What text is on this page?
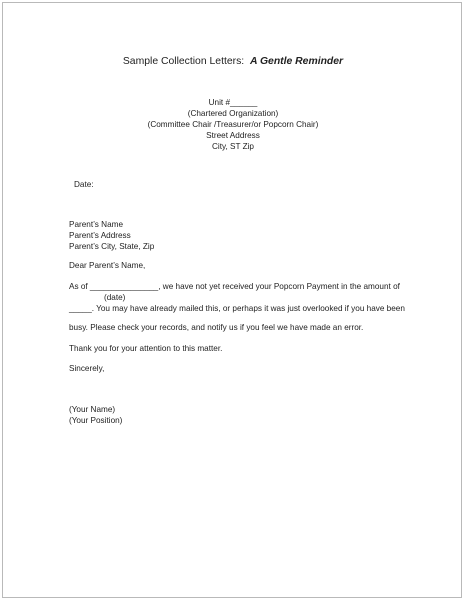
Sample Collection Letters: A Gentle Reminder
Unit #______
(Chartered Organization)
(Committee Chair /Treasurer/or Popcorn Chair)
Street Address
City, ST Zip
Date:
Parent’s Name
Parent’s Address
Parent’s City, State, Zip
Dear Parent’s Name,
As of _______________, we have not yet received your Popcorn Payment in the amount of
(date)
_____. You may have already mailed this, or perhaps it was just overlooked if you have been
busy. Please check your records, and notify us if you feel we have made an error.
Thank you for your attention to this matter.
Sincerely,
(Your Name)
(Your Position)
